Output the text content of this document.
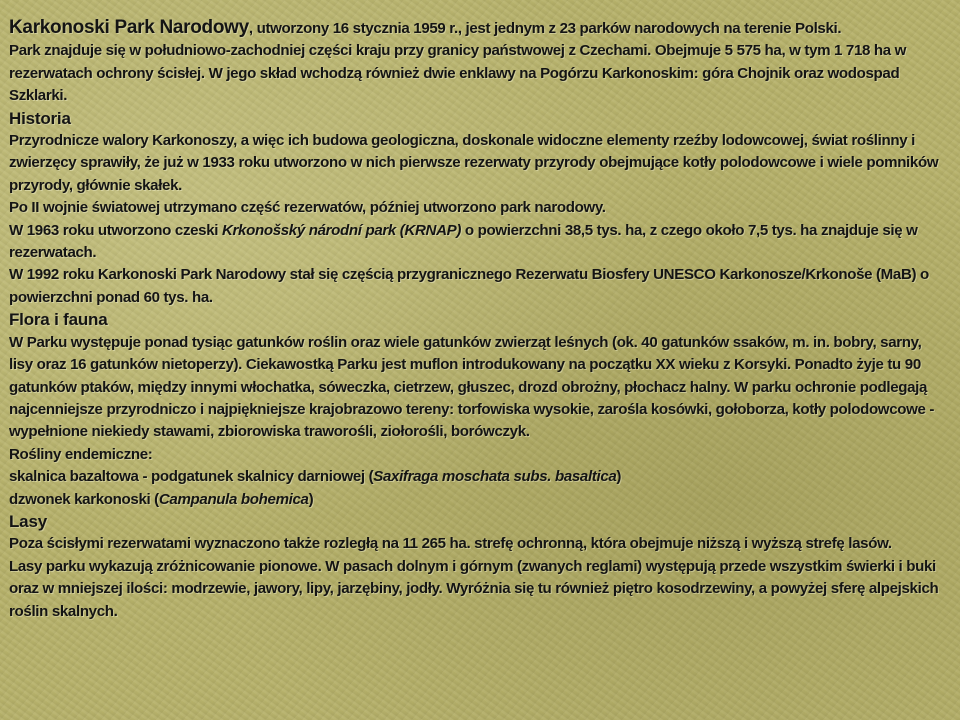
Karkonoski Park Narodowy, utworzony 16 stycznia 1959 r., jest jednym z 23 parków narodowych na terenie Polski.

Park znajduje się w południowo-zachodniej części kraju przy granicy państwowej z Czechami. Obejmuje 5 575 ha, w tym 1 718 ha w rezerwatach ochrony ścisłej. W jego skład wchodzą również dwie enklawy na Pogórzu Karkonoskim: góra Chojnik oraz wodospad Szklarki.

Historia

Przyrodnicze walory Karkonoszy, a więc ich budowa geologiczna, doskonale widoczne elementy rzeźby lodowcowej, świat roślinny i zwierzęcy sprawiły, że już w 1933 roku utworzono w nich pierwsze rezerwaty przyrody obejmujące kotły polodowcowe i wiele pomników przyrody, głównie skałek.

Po II wojnie światowej utrzymano część rezerwatów, później utworzono park narodowy.

W 1963 roku utworzono czeski Krkonošský národní park (KRNAP) o powierzchni 38,5 tys. ha, z czego około 7,5 tys. ha znajduje się w rezerwatach.

W 1992 roku Karkonoski Park Narodowy stał się częścią przygranicznego Rezerwatu Biosfery UNESCO Karkonosze/Krkonoše (MaB) o powierzchni ponad 60 tys. ha.

Flora i fauna

W Parku występuje ponad tysiąc gatunków roślin oraz wiele gatunków zwierząt leśnych (ok. 40 gatunków ssaków, m. in. bobry, sarny, lisy oraz 16 gatunków nietoperzy). Ciekawostką Parku jest muflon introdukowany na początku XX wieku z Korsyki. Ponadto żyje tu 90 gatunków ptaków, między innymi włochatka, sóweczka, cietrzew, głuszec, drozd obrożny, płochacz halny. W parku ochronie podlegają najcenniejsze przyrodniczo i najpiękniejsze krajobrazowo tereny: torfowiska wysokie, zarośla kosówki, gołoborza, kotły polodowcowe - wypełnione niekiedy stawami, zbiorowiska traworośli, ziołorośli, borówczyk.

Rośliny endemiczne:

skalnica bazaltowa - podgatunek skalnicy darniowej (Saxifraga moschata subs. basaltica)

dzwonek karkonoski (Campanula bohemica)

Lasy

Poza ścisłymi rezerwatami wyznaczono także rozległą na 11 265 ha. strefę ochronną, która obejmuje niższą i wyższą strefę lasów.

Lasy parku wykazują zróżnicowanie pionowe. W pasach dolnym i górnym (zwanych reglami) występują przede wszystkim świerki i buki oraz w mniejszej ilości: modrzewie, jawory, lipy, jarzębiny, jodły. Wyróżnia się tu również piętro kosodrzewiny, a powyżej sferę alpejskich roślin skalnych.
